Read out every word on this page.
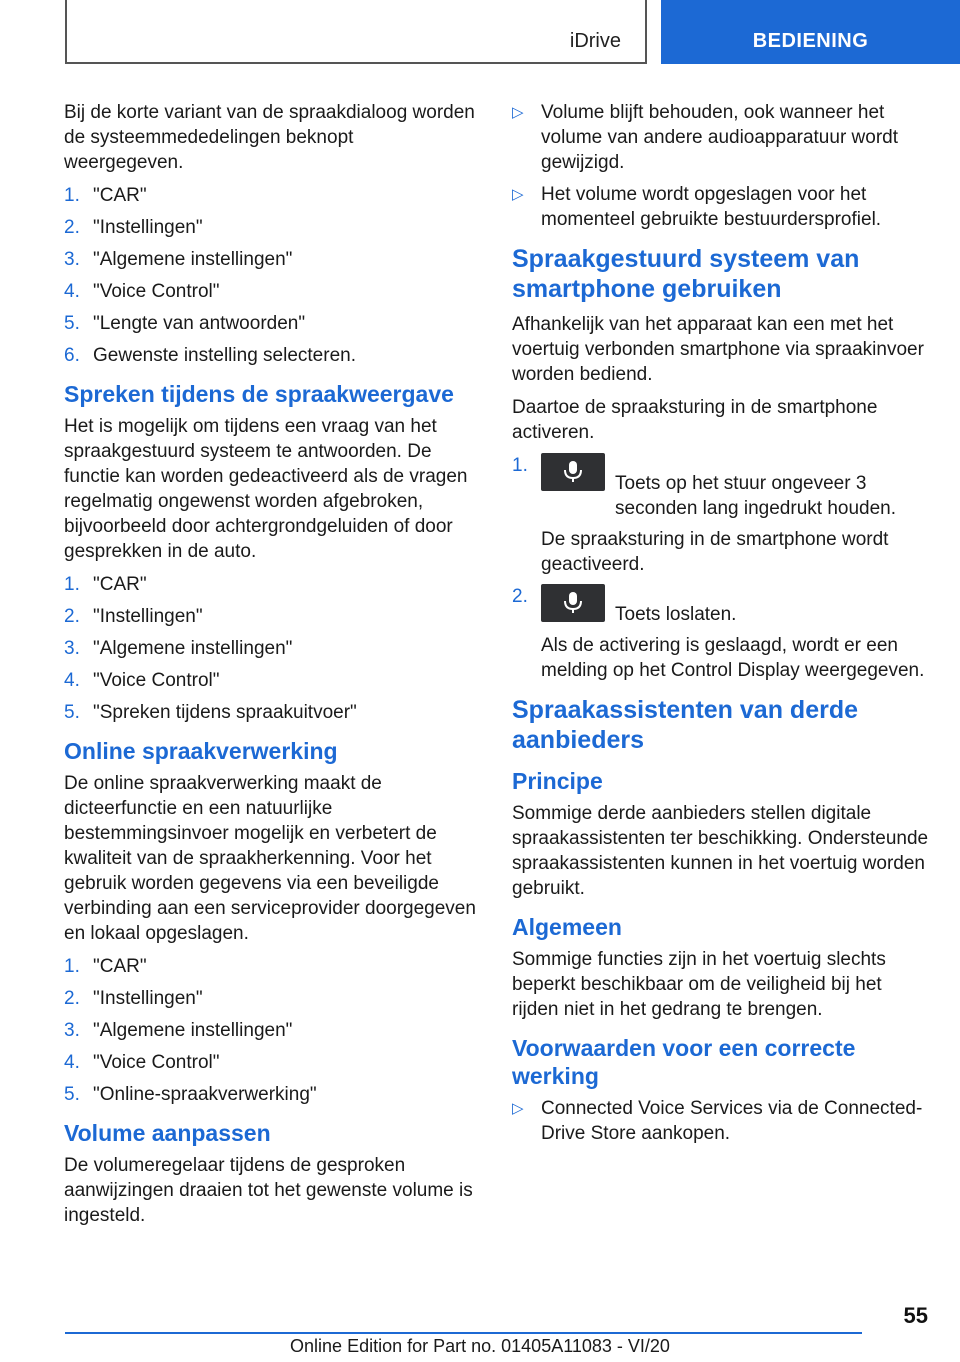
iDrive	BEDIENING

Bij de korte variant van de spraakdialoog worden de systeemmededelingen beknopt weergegeven.

1. "CAR"
2. "Instellingen"
3. "Algemene instellingen"
4. "Voice Control"
5. "Lengte van antwoorden"
6. Gewenste instelling selecteren.
Spreken tijdens de spraakweergave

Het is mogelijk om tijdens een vraag van het spraakgestuurd systeem te antwoorden. De functie kan worden gedeactiveerd als de vragen regelmatig ongewenst worden afgebroken, bijvoorbeeld door achtergrondgeluiden of door gesprekken in de auto.

1. "CAR"
2. "Instellingen"
3. "Algemene instellingen"
4. "Voice Control"
5. "Spreken tijdens spraakuitvoer"
Online spraakverwerking

De online spraakverwerking maakt de dicteerfunctie en een natuurlijke bestemmingsinvoer mogelijk en verbetert de kwaliteit van de spraakherkenning. Voor het gebruik worden gegevens via een beveiligde verbinding aan een serviceprovider doorgegeven en lokaal opgeslagen.

1. "CAR"
2. "Instellingen"
3. "Algemene instellingen"
4. "Voice Control"
5. "Online-spraakverwerking"
Volume aanpassen

De volumeregelaar tijdens de gesproken aanwijzingen draaien tot het gewenste volume is ingesteld.

▷ Volume blijft behouden, ook wanneer het volume van andere audioapparatuur wordt gewijzigd.
▷ Het volume wordt opgeslagen voor het momenteel gebruikte bestuurdersprofiel.
Spraakgestuurd systeem van smartphone gebruiken

Afhankelijk van het apparaat kan een met het voertuig verbonden smartphone via spraakinvoer worden bediend.

Daartoe de spraaksturing in de smartphone activeren.

1.
Toets op het stuur ongeveer 3 seconden lang ingedrukt houden.
De spraaksturing in de smartphone wordt geactiveerd.
2.
Toets loslaten.
Als de activering is geslaagd, wordt er een melding op het Control Display weergegeven.
Spraakassistenten van derde aanbieders
Principe

Sommige derde aanbieders stellen digitale spraakassistenten ter beschikking. Ondersteunde spraakassistenten kunnen in het voertuig worden gebruikt.

Algemeen

Sommige functies zijn in het voertuig slechts beperkt beschikbaar om de veiligheid bij het rijden niet in het gedrang te brengen.

Voorwaarden voor een correcte werking
▷ Connected Voice Services via de Connected-Drive Store aankopen.
55
Online Edition for Part no. 01405A11083 - VI/20
